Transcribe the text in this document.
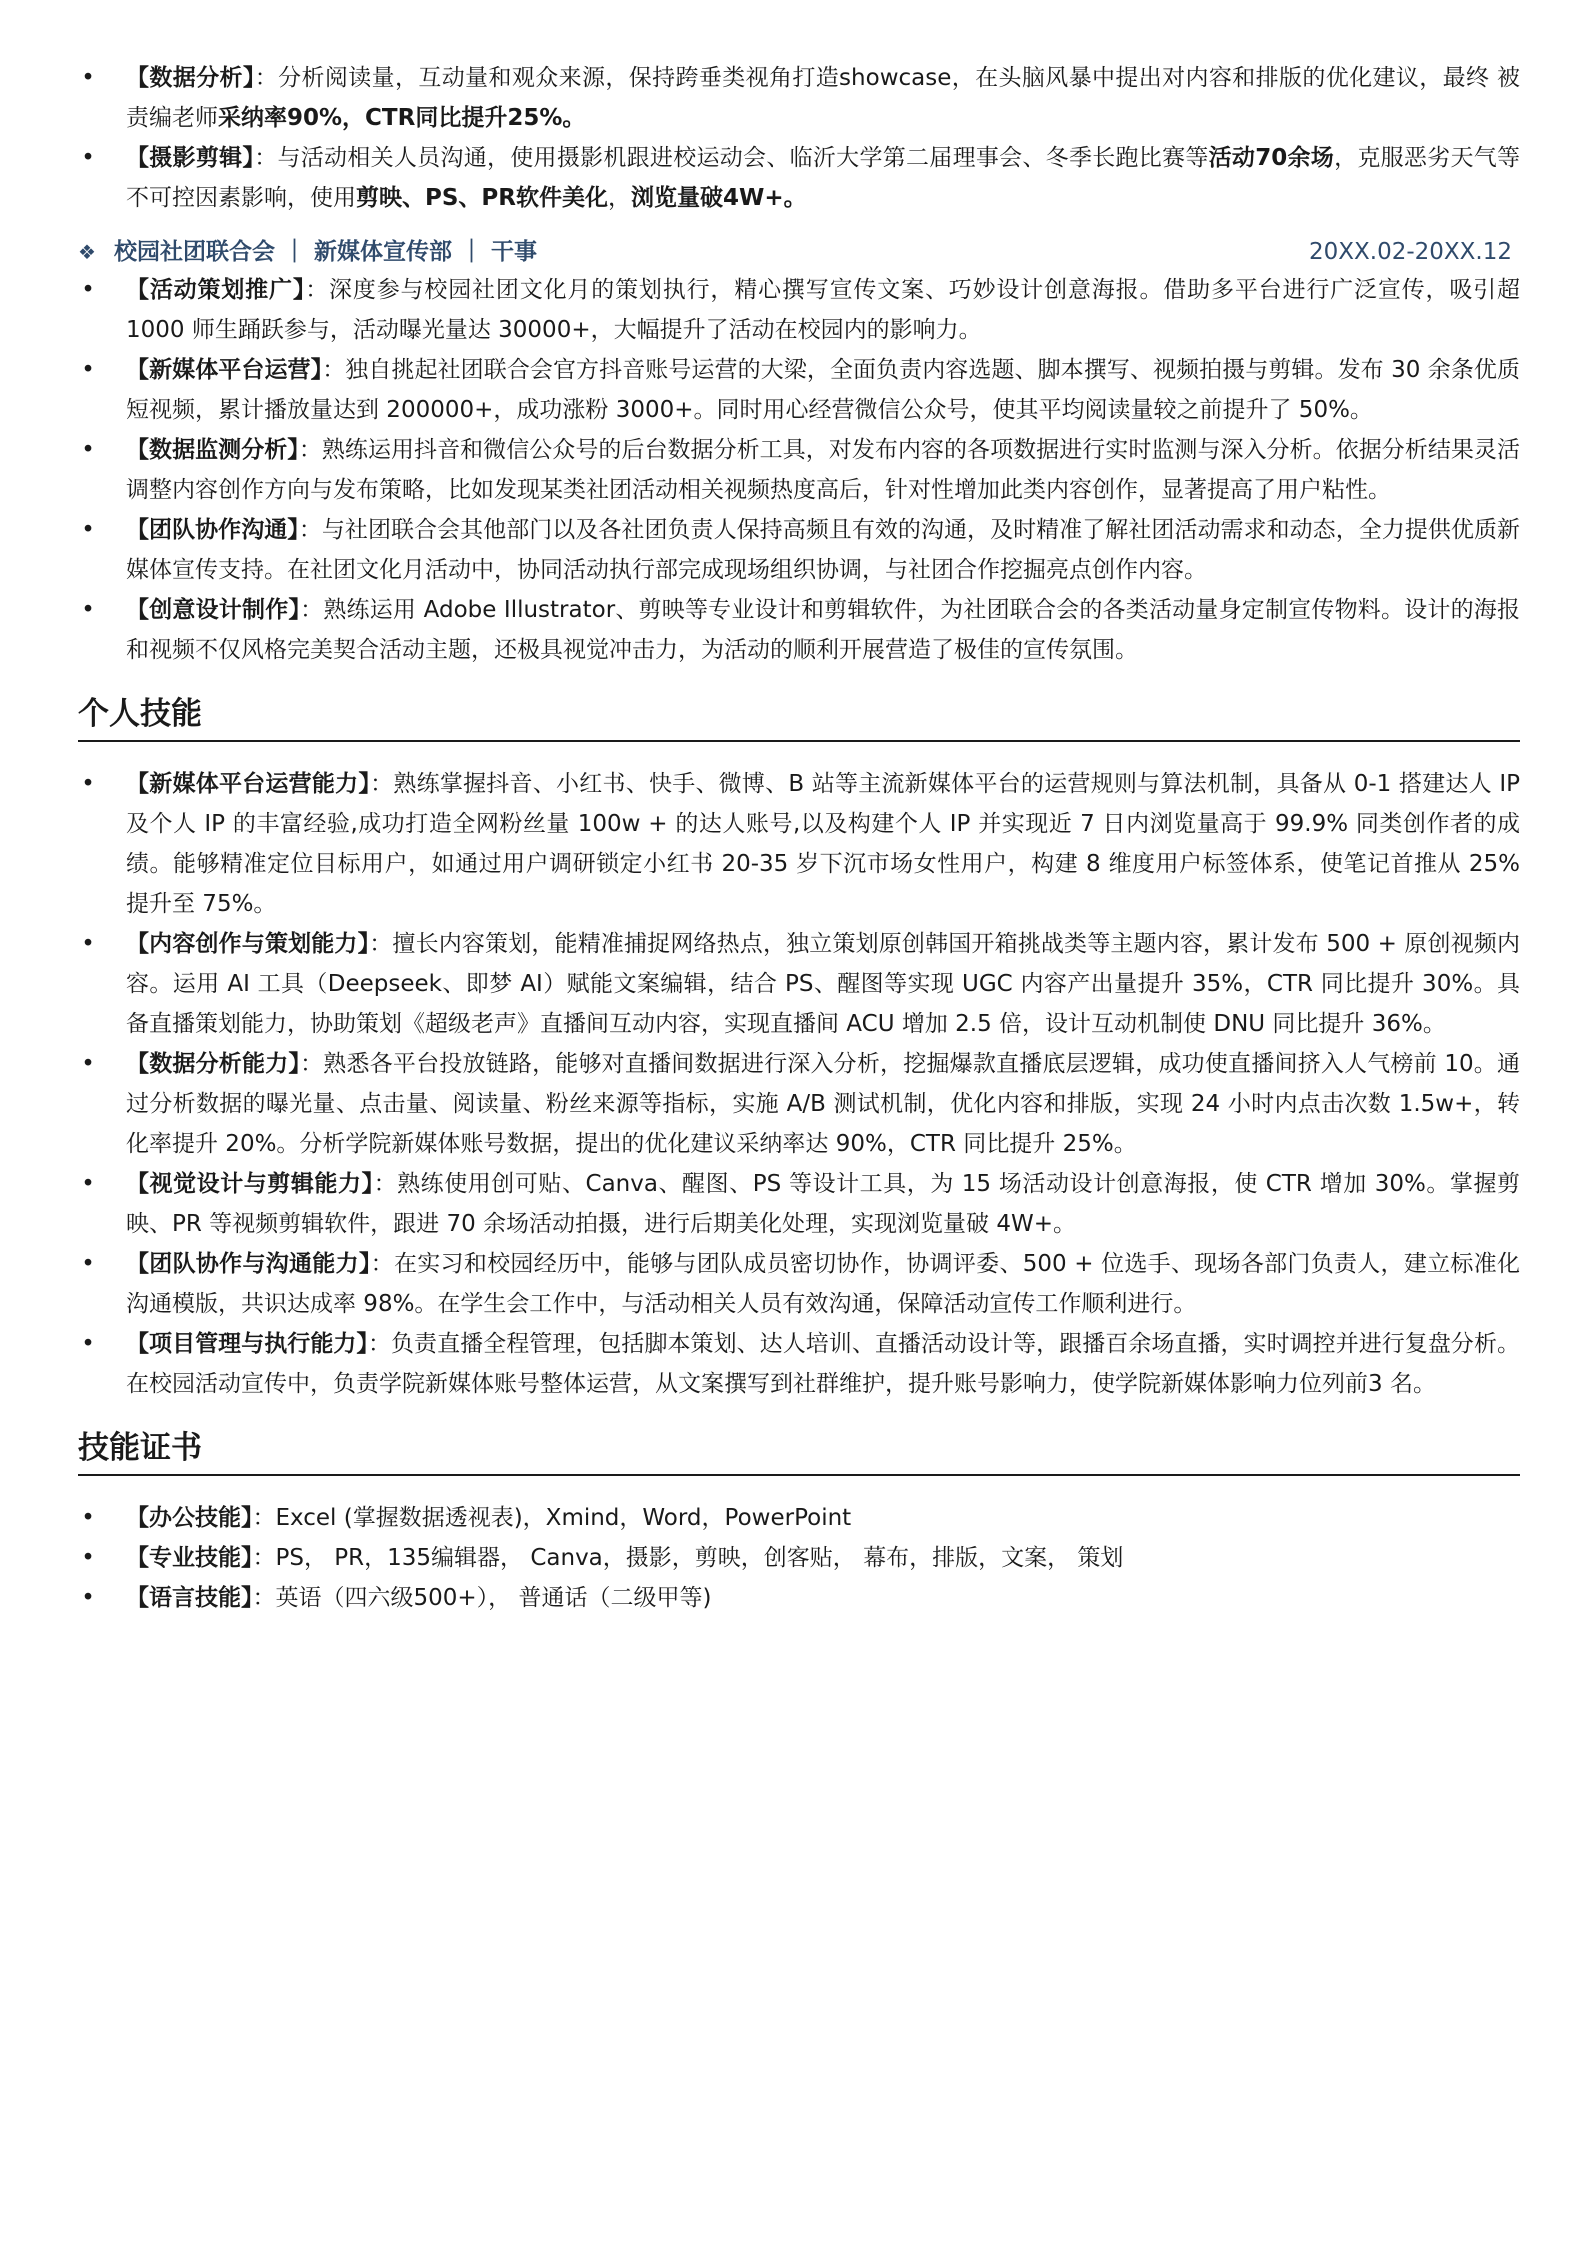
• 【数据分析】：分析阅读量，互动量和观众来源，保持跨垂类视角打造showcase，在头脑风暴中提出对内容和排版的优化建议，最终 被责编老师采纳率90%，CTR同比提升25%。
• 【摄影剪辑】：与活动相关人员沟通，使用摄影机跟进校运动会、临沂大学第二届理事会、冬季长跑比赛等活动70余场，克服恶劣天气等不可控因素影响，使用剪映、PS、PR软件美化，浏览量破4W+。
❖ 校园社团联合会 ｜ 新媒体宣传部 ｜ 干事	20XX.02-20XX.12
• 【活动策划推广】：深度参与校园社团文化月的策划执行，精心撰写宣传文案、巧妙设计创意海报。借助多平台进行广泛宣传，吸引超 1000 师生踊跃参与，活动曝光量达 30000+，大幅提升了活动在校园内的影响力。
• 【新媒体平台运营】：独自挑起社团联合会官方抖音账号运营的大梁，全面负责内容选题、脚本撰写、视频拍摄与剪辑。发布 30 余条优质短视频，累计播放量达到 200000+，成功涨粉 3000+。同时用心经营微信公众号，使其平均阅读量较之前提升了 50%。
• 【数据监测分析】：熟练运用抖音和微信公众号的后台数据分析工具，对发布内容的各项数据进行实时监测与深入分析。依据分析结果灵活调整内容创作方向与发布策略，比如发现某类社团活动相关视频热度高后，针对性增加此类内容创作，显著提高了用户粘性。
• 【团队协作沟通】：与社团联合会其他部门以及各社团负责人保持高频且有效的沟通，及时精准了解社团活动需求和动态，全力提供优质新媒体宣传支持。在社团文化月活动中，协同活动执行部完成现场组织协调，与社团合作挖掘亮点创作内容。
• 【创意设计制作】：熟练运用 Adobe Illustrator、剪映等专业设计和剪辑软件，为社团联合会的各类活动量身定制宣传物料。设计的海报和视频不仅风格完美契合活动主题，还极具视觉冲击力，为活动的顺利开展营造了极佳的宣传氛围。
个人技能
• 【新媒体平台运营能力】：熟练掌握抖音、小红书、快手、微博、B 站等主流新媒体平台的运营规则与算法机制，具备从 0-1 搭建达人 IP 及个人 IP 的丰富经验,成功打造全网粉丝量 100w + 的达人账号,以及构建个人 IP 并实现近 7 日内浏览量高于 99.9% 同类创作者的成绩。能够精准定位目标用户，如通过用户调研锁定小红书 20-35 岁下沉市场女性用户，构建 8 维度用户标签体系，使笔记首推从 25% 提升至 75%。
• 【内容创作与策划能力】：擅长内容策划，能精准捕捉网络热点，独立策划原创韩国开箱挑战类等主题内容，累计发布 500 + 原创视频内容。运用 AI 工具（Deepseek、即梦 AI）赋能文案编辑，结合 PS、醒图等实现 UGC 内容产出量提升 35%，CTR 同比提升 30%。具备直播策划能力，协助策划《超级老声》直播间互动内容，实现直播间 ACU 增加 2.5 倍，设计互动机制使 DNU 同比提升 36%。
• 【数据分析能力】：熟悉各平台投放链路，能够对直播间数据进行深入分析，挖掘爆款直播底层逻辑，成功使直播间挤入人气榜前 10。通过分析数据的曝光量、点击量、阅读量、粉丝来源等指标，实施 A/B 测试机制，优化内容和排版，实现 24 小时内点击次数 1.5w+，转化率提升 20%。分析学院新媒体账号数据，提出的优化建议采纳率达 90%，CTR 同比提升 25%。
• 【视觉设计与剪辑能力】：熟练使用创可贴、Canva、醒图、PS 等设计工具，为 15 场活动设计创意海报，使 CTR 增加 30%。掌握剪映、PR 等视频剪辑软件，跟进 70 余场活动拍摄，进行后期美化处理，实现浏览量破 4W+。
• 【团队协作与沟通能力】：在实习和校园经历中，能够与团队成员密切协作，协调评委、500 + 位选手、现场各部门负责人，建立标准化沟通模版，共识达成率 98%。在学生会工作中，与活动相关人员有效沟通，保障活动宣传工作顺利进行。
• 【项目管理与执行能力】：负责直播全程管理，包括脚本策划、达人培训、直播活动设计等，跟播百余场直播，实时调控并进行复盘分析。在校园活动宣传中，负责学院新媒体账号整体运营，从文案撰写到社群维护，提升账号影响力，使学院新媒体影响力位列前3 名。
技能证书
• 【办公技能】：Excel (掌握数据透视表)，Xmind，Word，PowerPoint
• 【专业技能】：PS， PR，135编辑器， Canva，摄影，剪映，创客贴， 幕布，排版，文案， 策划
• 【语言技能】：英语（四六级500+）， 普通话（二级甲等)
